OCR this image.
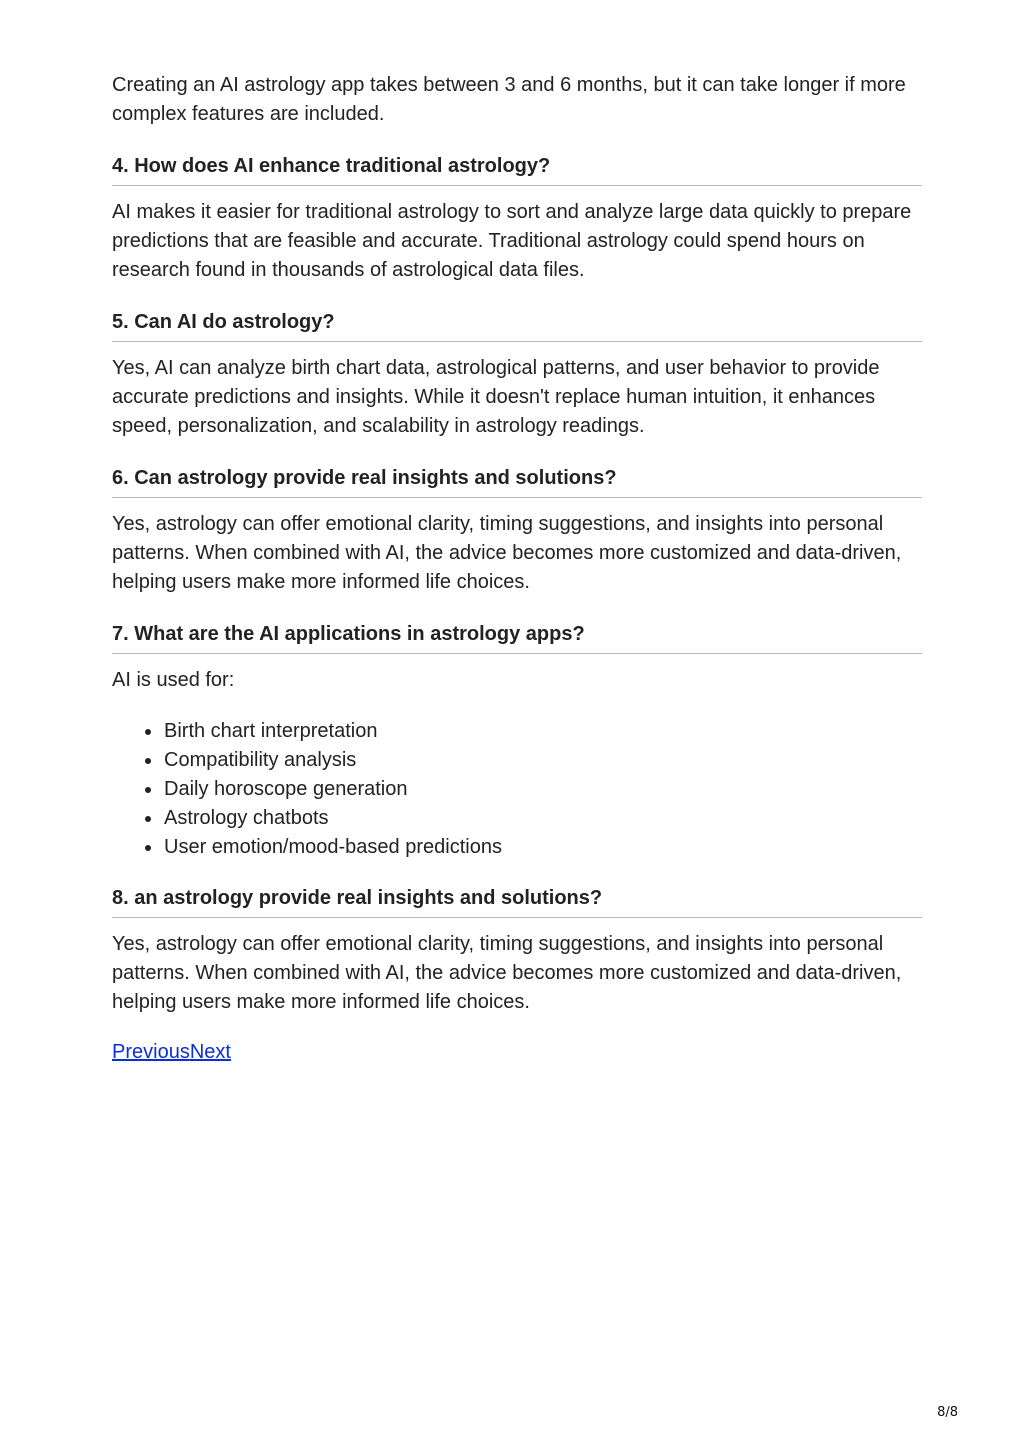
Creating an AI astrology app takes between 3 and 6 months, but it can take longer if more complex features are included.

4. How does AI enhance traditional astrology?

AI makes it easier for traditional astrology to sort and analyze large data quickly to prepare predictions that are feasible and accurate. Traditional astrology could spend hours on research found in thousands of astrological data files.

5. Can AI do astrology?

Yes, AI can analyze birth chart data, astrological patterns, and user behavior to provide accurate predictions and insights. While it doesn't replace human intuition, it enhances speed, personalization, and scalability in astrology readings.

6. Can astrology provide real insights and solutions?

Yes, astrology can offer emotional clarity, timing suggestions, and insights into personal patterns. When combined with AI, the advice becomes more customized and data-driven, helping users make more informed life choices.

7. What are the AI applications in astrology apps?

AI is used for:

Birth chart interpretation
Compatibility analysis
Daily horoscope generation
Astrology chatbots
User emotion/mood-based predictions
8. an astrology provide real insights and solutions?

Yes, astrology can offer emotional clarity, timing suggestions, and insights into personal patterns. When combined with AI, the advice becomes more customized and data-driven, helping users make more informed life choices.

PreviousNext
8/8
